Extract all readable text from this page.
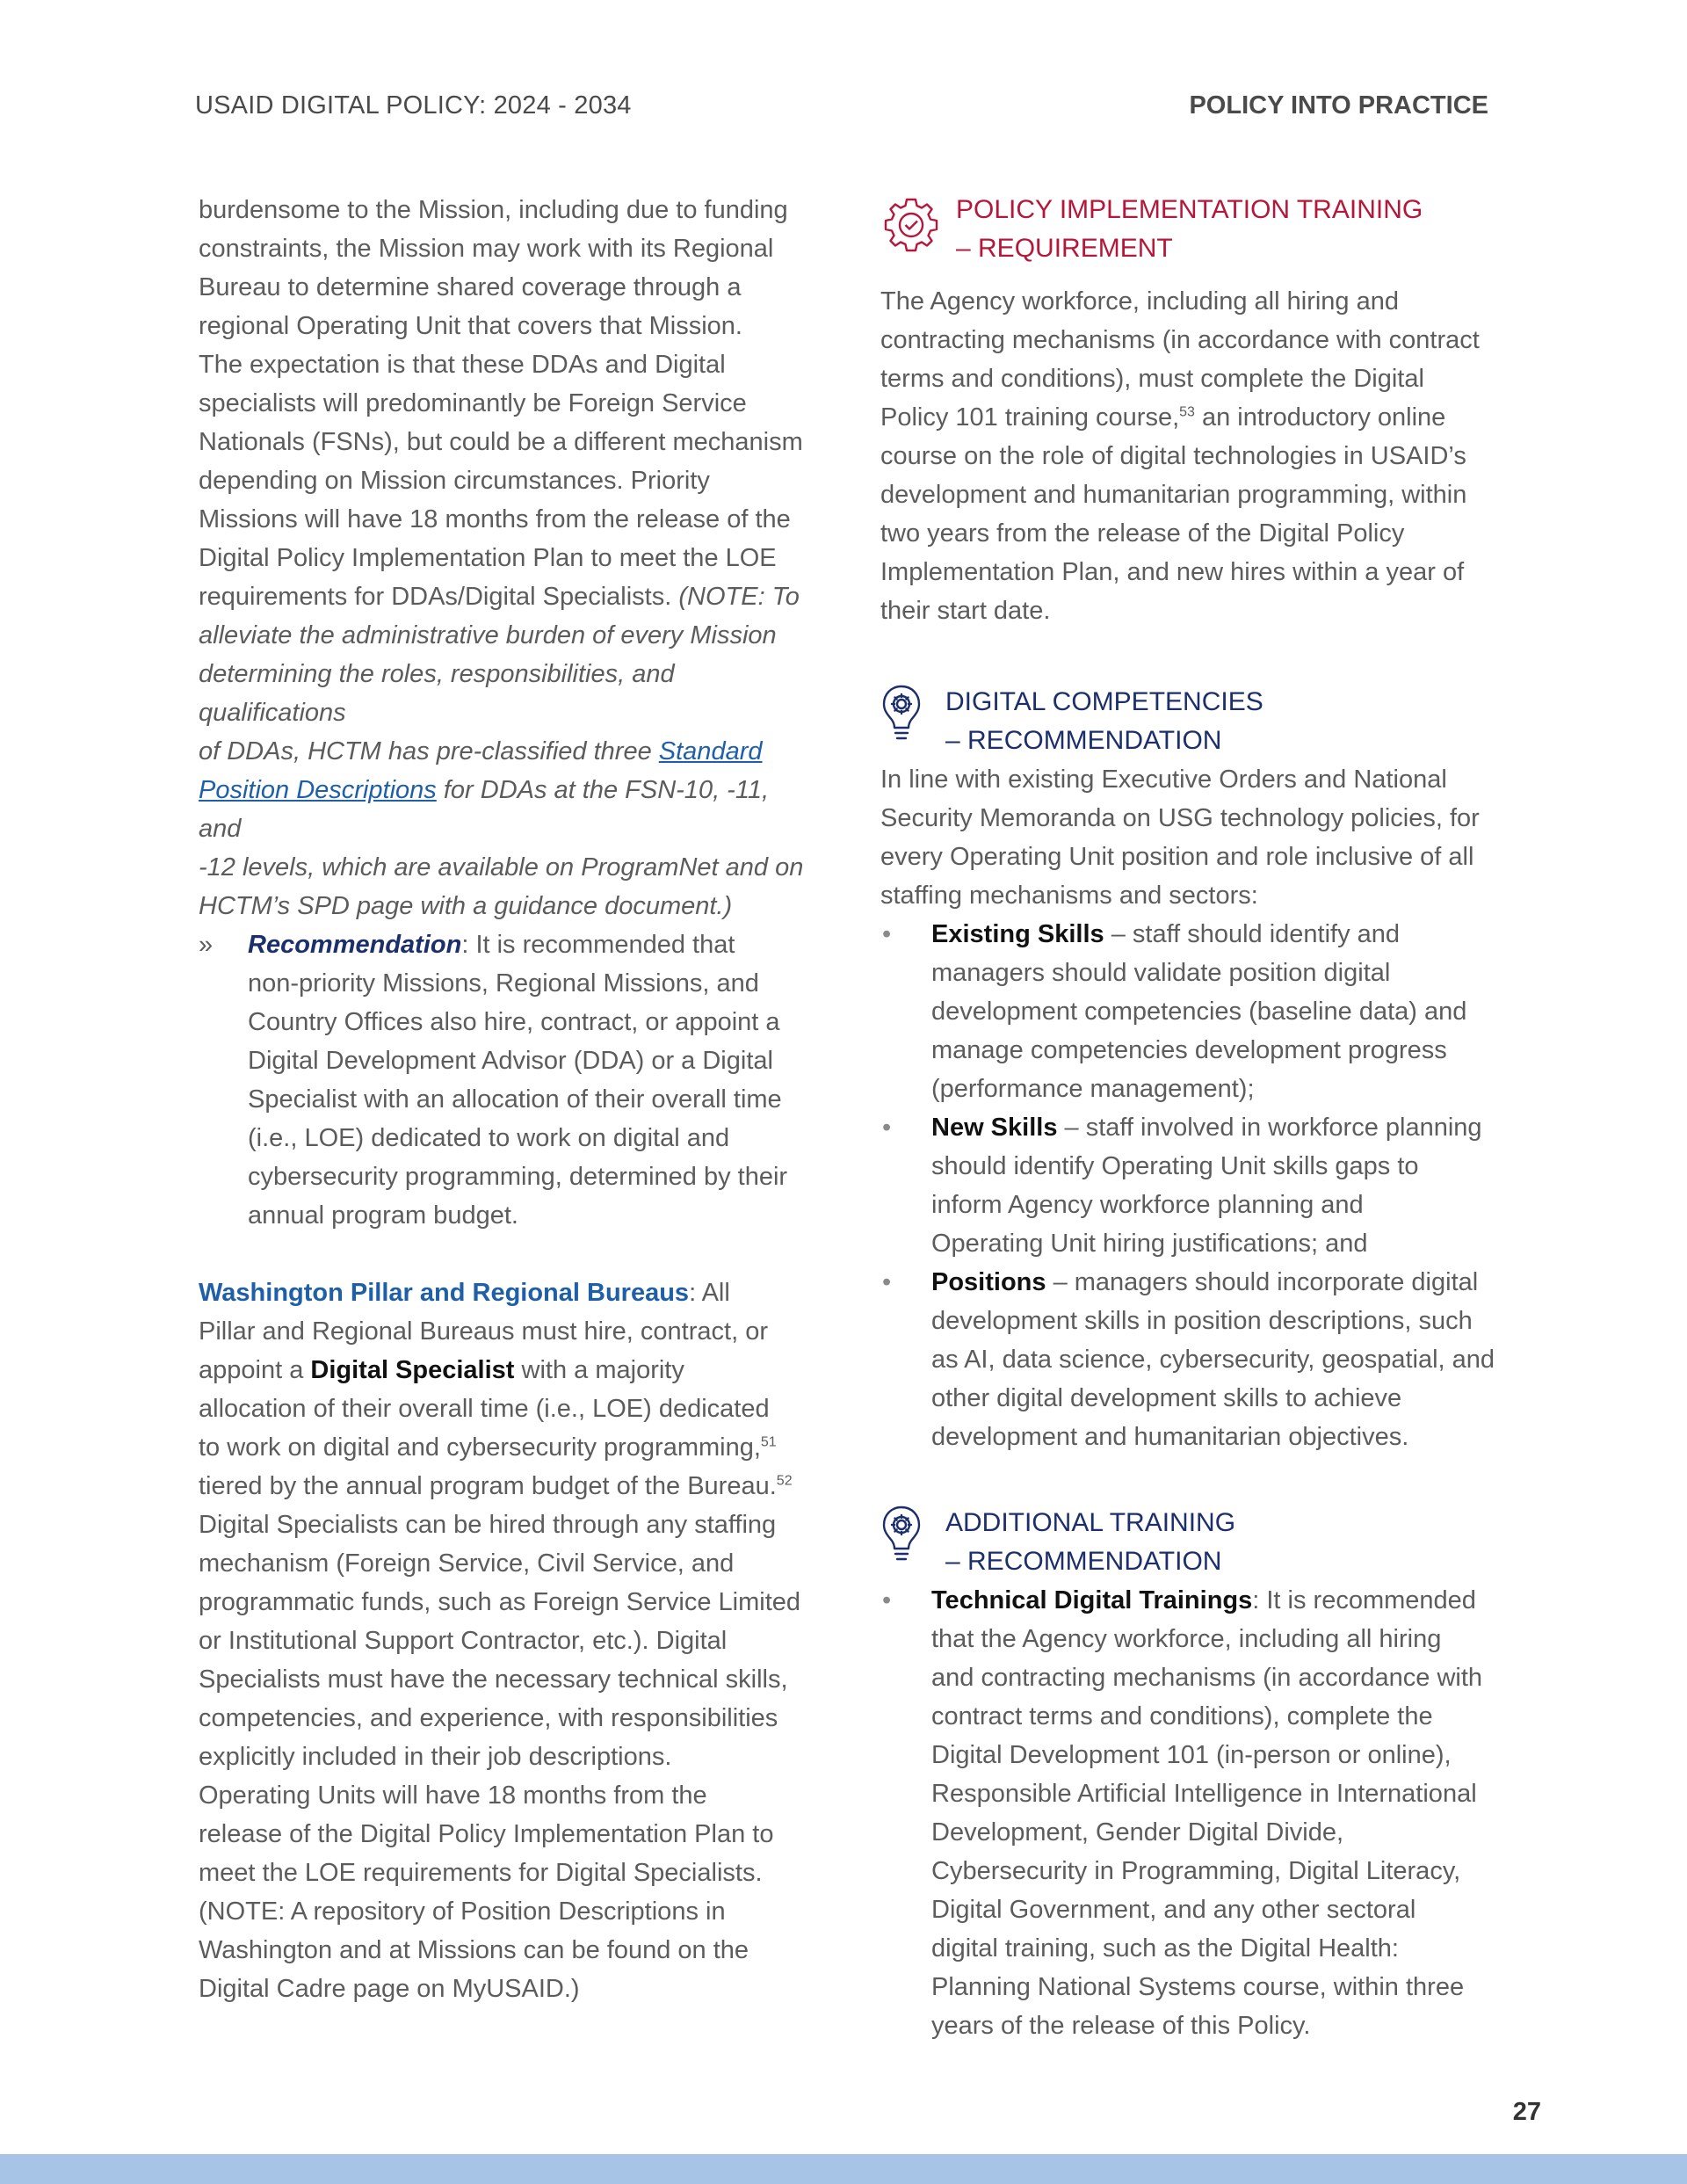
USAID DIGITAL POLICY: 2024 - 2034	POLICY INTO PRACTICE

burdensome to the Mission, including due to funding
constraints, the Mission may work with its Regional
Bureau to determine shared coverage through a
regional Operating Unit that covers that Mission.
The expectation is that these DDAs and Digital
specialists will predominantly be Foreign Service
Nationals (FSNs), but could be a different mechanism
depending on Mission circumstances. Priority
Missions will have 18 months from the release of the
Digital Policy Implementation Plan to meet the LOE
requirements for DDAs/Digital Specialists. (NOTE: To
alleviate the administrative burden of every Mission
determining the roles, responsibilities, and qualifications
of DDAs, HCTM has pre-classified three Standard
Position Descriptions for DDAs at the FSN-10, -11, and
-12 levels, which are available on ProgramNet and on
HCTM’s SPD page with a guidance document.)

»	Recommendation: It is recommended that
non-priority Missions, Regional Missions, and
Country Offices also hire, contract, or appoint a
Digital Development Advisor (DDA) or a Digital
Specialist with an allocation of their overall time
(i.e., LOE) dedicated to work on digital and
cybersecurity programming, determined by their
annual program budget.

Washington Pillar and Regional Bureaus: All
Pillar and Regional Bureaus must hire, contract, or
appoint a Digital Specialist with a majority
allocation of their overall time (i.e., LOE) dedicated
to work on digital and cybersecurity programming,$^{51}$
tiered by the annual program budget of the Bureau.$^{52}$
Digital Specialists can be hired through any staffing
mechanism (Foreign Service, Civil Service, and
programmatic funds, such as Foreign Service Limited
or Institutional Support Contractor, etc.). Digital
Specialists must have the necessary technical skills,
competencies, and experience, with responsibilities
explicitly included in their job descriptions.
Operating Units will have 18 months from the
release of the Digital Policy Implementation Plan to
meet the LOE requirements for Digital Specialists.
(NOTE: A repository of Position Descriptions in
Washington and at Missions can be found on the
Digital Cadre page on MyUSAID.)

POLICY IMPLEMENTATION TRAINING
– REQUIREMENT

The Agency workforce, including all hiring and
contracting mechanisms (in accordance with contract
terms and conditions), must complete the Digital
Policy 101 training course,$^{53}$ an introductory online
course on the role of digital technologies in USAID’s
development and humanitarian programming, within
two years from the release of the Digital Policy
Implementation Plan, and new hires within a year of
their start date.

DIGITAL COMPETENCIES
– RECOMMENDATION

In line with existing Executive Orders and National
Security Memoranda on USG technology policies, for
every Operating Unit position and role inclusive of all
staffing mechanisms and sectors:

• Existing Skills – staff should identify and
managers should validate position digital
development competencies (baseline data) and
manage competencies development progress
(performance management);
• New Skills – staff involved in workforce planning
should identify Operating Unit skills gaps to
inform Agency workforce planning and
Operating Unit hiring justifications; and
• Positions – managers should incorporate digital
development skills in position descriptions, such
as AI, data science, cybersecurity, geospatial, and
other digital development skills to achieve
development and humanitarian objectives.
ADDITIONAL TRAINING
– RECOMMENDATION
• Technical Digital Trainings: It is recommended
that the Agency workforce, including all hiring
and contracting mechanisms (in accordance with
contract terms and conditions), complete the
Digital Development 101 (in-person or online),
Responsible Artificial Intelligence in International
Development, Gender Digital Divide,
Cybersecurity in Programming, Digital Literacy,
Digital Government, and any other sectoral
digital training, such as the Digital Health:
Planning National Systems course, within three
years of the release of this Policy.
27
